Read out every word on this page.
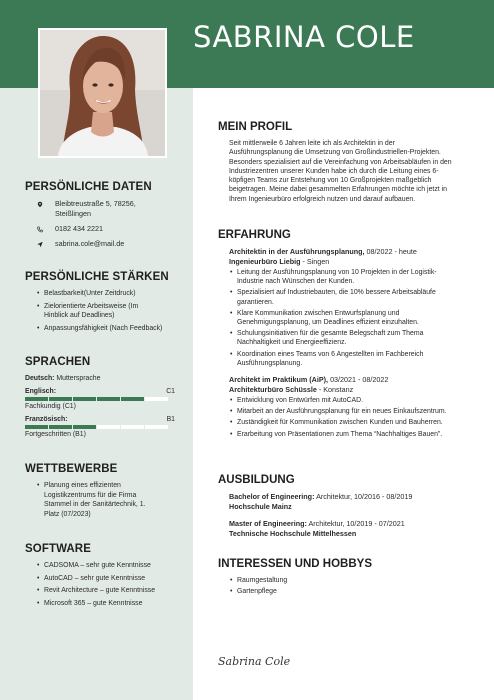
SABRINA COLE
PERSÖNLICHE DATEN
Bleibtreustraße 5, 78256,
Steißlingen
0182 434 2221
sabrina.cole@mail.de
PERSÖNLICHE STÄRKEN
• Belastbarkeit(Unter Zeitdruck)
• Zielorientierte Arbeitsweise (Im
Hinblick auf Deadlines)
• Anpassungsfähigkeit (Nach Feedback)
SPRACHEN
Deutsch: Muttersprache
Englisch:	C1
Fachkundig (C1)
Französisch:	B1
Fortgeschritten (B1)
WETTBEWERBE
• Planung eines effizienten
Logistikzentrums für die Firma
Stammel in der Sanitärtechnik, 1.
Platz (07/2023)
SOFTWARE
• CADSOMA – sehr gute Kenntnisse
• AutoCAD – sehr gute Kenntnisse
• Revit Architecture – gute Kenntnisse
• Microsoft 365 – gute Kenntnisse
MEIN PROFIL

Seit mittlerweile 6 Jahren leite ich als Architektin in der
Ausführungsplanung die Umsetzung von Großindustriellen-Projekten.
Besonders spezialisiert auf die Vereinfachung von Arbeitsabläufen in den
Industriezentren unserer Kunden habe ich durch die Leitung eines 6-
köpfigen Teams zur Entstehung von 10 Großprojekten maßgeblich
beigetragen. Meine dabei gesammelten Erfahrungen möchte ich jetzt in
Ihrem Ingenieurbüro erfolgreich nutzen und darauf aufbauen.

ERFAHRUNG
Architektin in der Ausführungsplanung, 08/2022 - heute
Ingenieurbüro Liebig - Singen
• Leitung der Ausführungsplanung von 10 Projekten in der Logistik-
Industrie nach Wünschen der Kunden.
• Spezialisiert auf Industriebauten, die 10% bessere Arbeitsabläufe
garantieren.
• Klare Kommunikation zwischen Entwurfsplanung und
Genehmigungsplanung, um Deadlines effizient einzuhalten.
• Schulungsinitiativen für die gesamte Belegschaft zum Thema
Nachhaltigkeit und Energieeffizienz.
• Koordination eines Teams von 6 Angestellten im Fachbereich
Ausführungsplanung.
Architekt im Praktikum (AiP), 03/2021 - 08/2022
Architekturbüro Schüssle - Konstanz
• Entwicklung von Entwürfen mit AutoCAD.
• Mitarbeit an der Ausführungsplanung für ein neues Einkaufszentrum.
• Zuständigkeit für Kommunikation zwischen Kunden und Bauherren.
• Erarbeitung von Präsentationen zum Thema “Nachhaltiges Bauen”.
AUSBILDUNG
Bachelor of Engineering: Architektur, 10/2016 - 08/2019
Hochschule Mainz
Master of Engineering: Architektur, 10/2019 - 07/2021
Technische Hochschule Mittelhessen
INTERESSEN UND HOBBYS
• Raumgestaltung
• Gartenpflege
Sabrina Cole
